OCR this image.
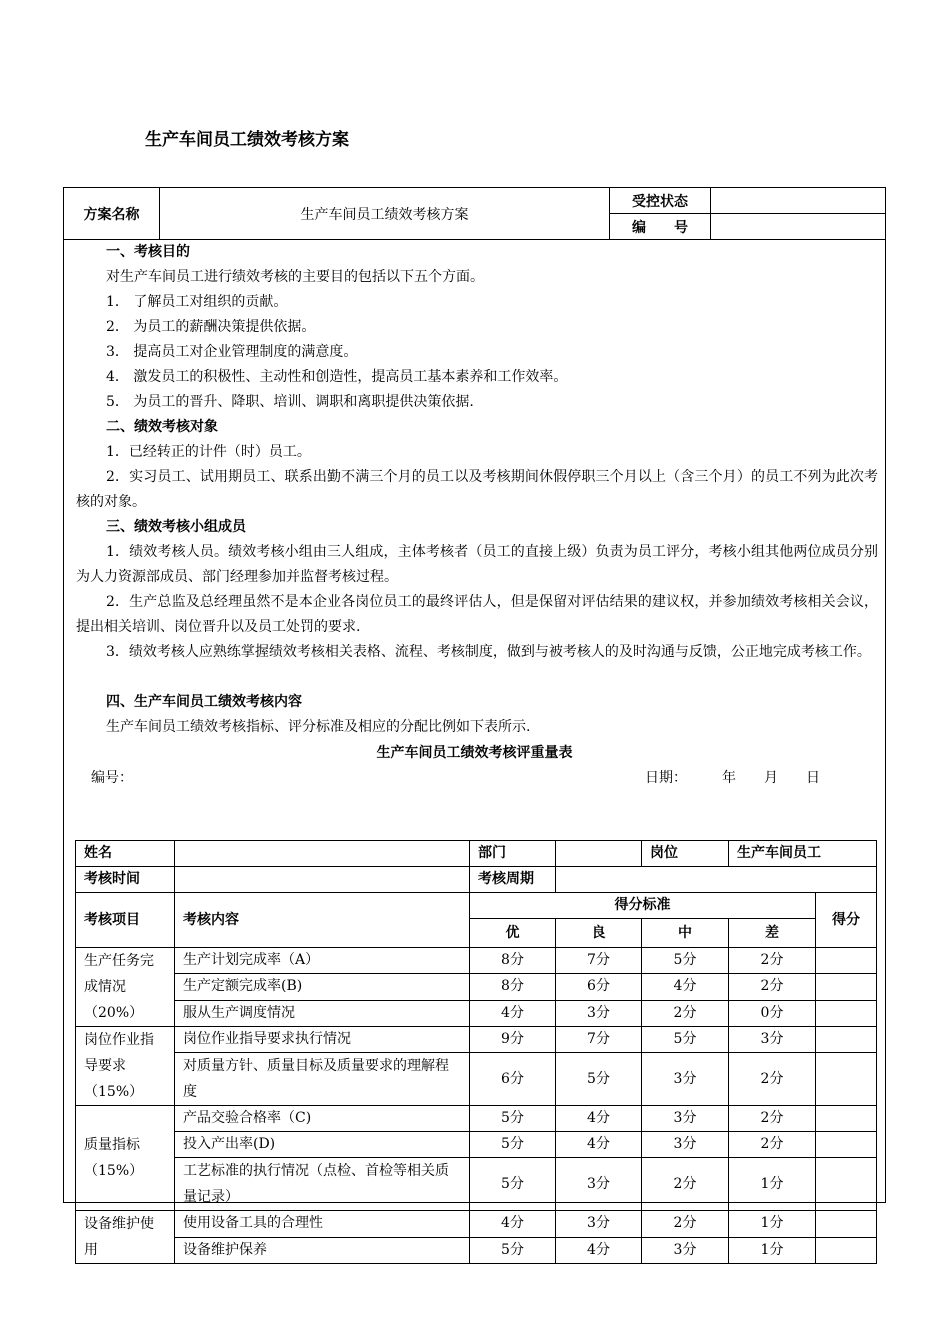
生产车间员工绩效考核方案
方案名称	生产车间员工绩效考核方案
受控状态
编　　号
一、考核目的
对生产车间员工进行绩效考核的主要目的包括以下五个方面。
1． 了解员工对组织的贡献。
2． 为员工的薪酬决策提供依据。
3． 提高员工对企业管理制度的满意度。
4． 激发员工的积极性、主动性和创造性，提高员工基本素养和工作效率。
5． 为员工的晋升、降职、培训、调职和离职提供决策依据.
二、绩效考核对象
1．已经转正的计件（时）员工。
2．实习员工、试用期员工、联系出勤不满三个月的员工以及考核期间休假停职三个月以上（含三个月）的员工不列为此次考核的对象。
三、绩效考核小组成员
1．绩效考核人员。绩效考核小组由三人组成，主体考核者（员工的直接上级）负责为员工评分，考核小组其他两位成员分别为人力资源部成员、部门经理参加并监督考核过程。
2．生产总监及总经理虽然不是本企业各岗位员工的最终评估人，但是保留对评估结果的建议权，并参加绩效考核相关会议，提出相关培训、岗位晋升以及员工处罚的要求.
3．绩效考核人应熟练掌握绩效考核相关表格、流程、考核制度，做到与被考核人的及时沟通与反馈，公正地完成考核工作。
四、生产车间员工绩效考核内容
生产车间员工绩效考核指标、评分标准及相应的分配比例如下表所示.
生产车间员工绩效考核评重量表
编号：	日期：　　　年　　月　　日
姓名		部门		岗位	生产车间员工	
考核时间		考核周期				
考核项目	考核内容	得分标准				得分
		优	良	中	差	
生产任务完成情况（20%）	生产计划完成率（A）	8分	7分	5分	2分	
	生产定额完成率(B)	8分	6分	4分	2分	
	服从生产调度情况	4分	3分	2分	0分	
岗位作业指导要求（15%）	岗位作业指导要求执行情况	9分	7分	5分	3分	
	对质量方针、质量目标及质量要求的理解程度	6分	5分	3分	2分	
质量指标（15%）	产品交验合格率（C)	5分	4分	3分	2分	
	投入产出率(D)	5分	4分	3分	2分	
	工艺标准的执行情况（点检、首检等相关质量记录）	5分	3分	2分	1分	
设备维护使用	使用设备工具的合理性	4分	3分	2分	1分	
	设备维护保养	5分	4分	3分	1分	
